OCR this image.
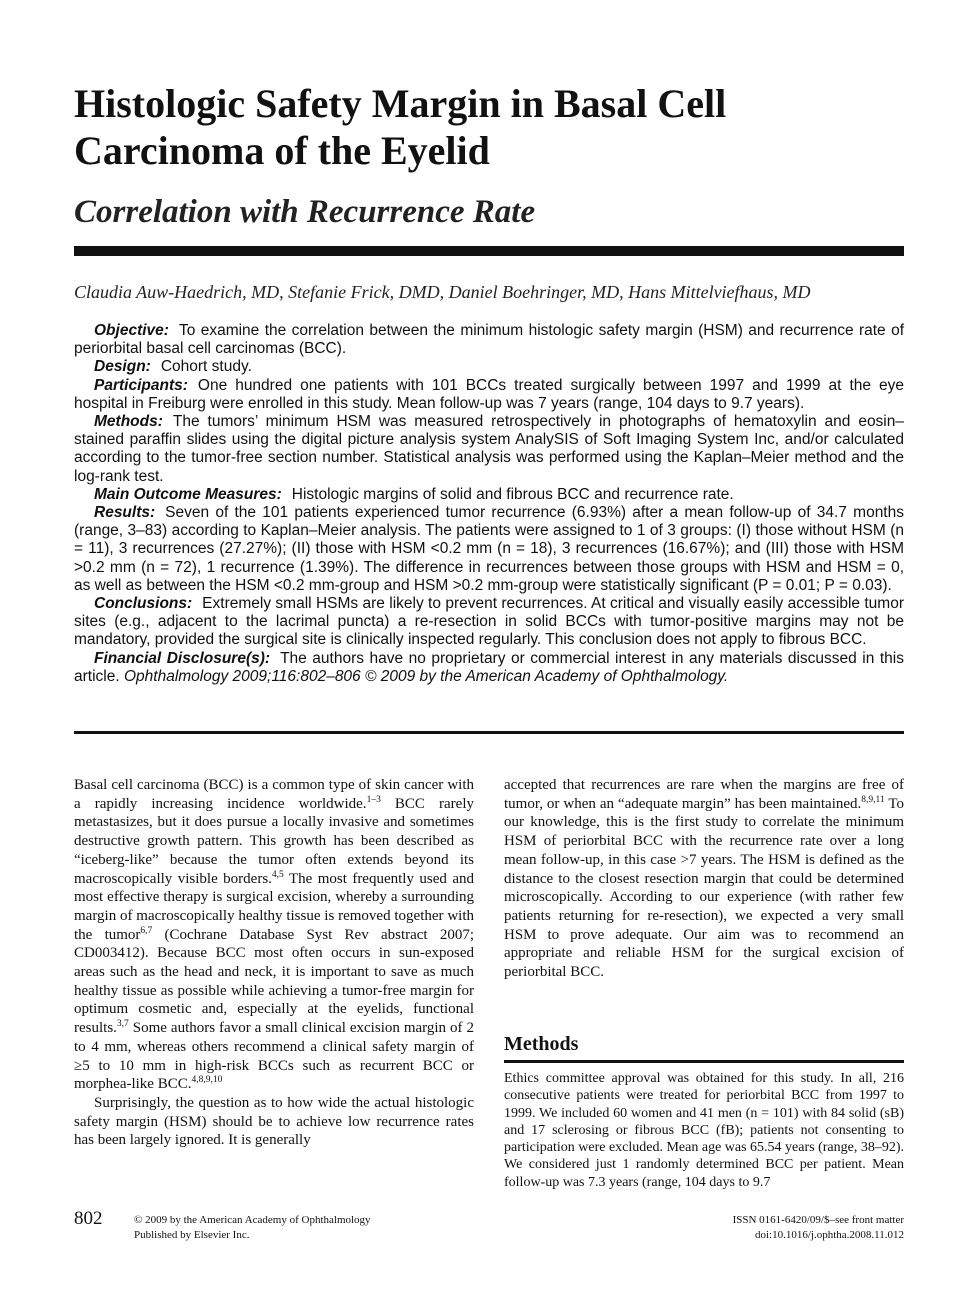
Histologic Safety Margin in Basal Cell
Carcinoma of the Eyelid
Correlation with Recurrence Rate
Claudia Auw-Haedrich, MD, Stefanie Frick, DMD, Daniel Boehringer, MD, Hans Mittelviefhaus, MD

Objective: To examine the correlation between the minimum histologic safety margin (HSM) and recurrence rate of periorbital basal cell carcinomas (BCC).

Design: Cohort study.

Participants: One hundred one patients with 101 BCCs treated surgically between 1997 and 1999 at the eye hospital in Freiburg were enrolled in this study. Mean follow-up was 7 years (range, 104 days to 9.7 years).

Methods: The tumors’ minimum HSM was measured retrospectively in photographs of hematoxylin and eosin–stained paraffin slides using the digital picture analysis system AnalySIS of Soft Imaging System Inc, and/or calculated according to the tumor-free section number. Statistical analysis was performed using the Kaplan–Meier method and the log-rank test.

Main Outcome Measures: Histologic margins of solid and fibrous BCC and recurrence rate.

Results: Seven of the 101 patients experienced tumor recurrence (6.93%) after a mean follow-up of 34.7 months (range, 3–83) according to Kaplan–Meier analysis. The patients were assigned to 1 of 3 groups: (I) those without HSM (n = 11), 3 recurrences (27.27%); (II) those with HSM <0.2 mm (n = 18), 3 recurrences (16.67%); and (III) those with HSM >0.2 mm (n = 72), 1 recurrence (1.39%). The difference in recurrences between those groups with HSM and HSM = 0, as well as between the HSM <0.2 mm-group and HSM >0.2 mm-group were statistically significant (P = 0.01; P = 0.03).

Conclusions: Extremely small HSMs are likely to prevent recurrences. At critical and visually easily accessible tumor sites (e.g., adjacent to the lacrimal puncta) a re-resection in solid BCCs with tumor-positive margins may not be mandatory, provided the surgical site is clinically inspected regularly. This conclusion does not apply to fibrous BCC.

Financial Disclosure(s): The authors have no proprietary or commercial interest in any materials discussed in this article. Ophthalmology 2009;116:802–806 © 2009 by the American Academy of Ophthalmology.

Basal cell carcinoma (BCC) is a common type of skin cancer with a rapidly increasing incidence worldwide.$^{1-3}$ BCC rarely metastasizes, but it does pursue a locally invasive and sometimes destructive growth pattern. This growth has been described as “iceberg-like” because the tumor often extends beyond its macroscopically visible borders.$^{4,5}$ The most frequently used and most effective therapy is surgical excision, whereby a surrounding margin of macroscopically healthy tissue is removed together with the tumor$^{6,7}$ (Cochrane Database Syst Rev abstract 2007; CD003412). Because BCC most often occurs in sun-exposed areas such as the head and neck, it is important to save as much healthy tissue as possible while achieving a tumor-free margin for optimum cosmetic and, especially at the eyelids, functional results.$^{3,7}$ Some authors favor a small clinical excision margin of 2 to 4 mm, whereas others recommend a clinical safety margin of ≥5 to 10 mm in high-risk BCCs such as recurrent BCC or morphea-like BCC.$^{4,8,9,10}$

Surprisingly, the question as to how wide the actual histologic safety margin (HSM) should be to achieve low recurrence rates has been largely ignored. It is generally

accepted that recurrences are rare when the margins are free of tumor, or when an “adequate margin” has been maintained.$^{8,9,11}$ To our knowledge, this is the first study to correlate the minimum HSM of periorbital BCC with the recurrence rate over a long mean follow-up, in this case >7 years. The HSM is defined as the distance to the closest resection margin that could be determined microscopically. According to our experience (with rather few patients returning for re-resection), we expected a very small HSM to prove adequate. Our aim was to recommend an appropriate and reliable HSM for the surgical excision of periorbital BCC.

Methods

Ethics committee approval was obtained for this study. In all, 216 consecutive patients were treated for periorbital BCC from 1997 to 1999. We included 60 women and 41 men (n = 101) with 84 solid (sB) and 17 sclerosing or fibrous BCC (fB); patients not consenting to participation were excluded. Mean age was 65.54 years (range, 38–92). We considered just 1 randomly determined BCC per patient. Mean follow-up was 7.3 years (range, 104 days to 9.7

802	© 2009 by the American Academy of Ophthalmology
Published by Elsevier Inc.
ISSN 0161-6420/09/$–see front matter
doi:10.1016/j.ophtha.2008.11.012
